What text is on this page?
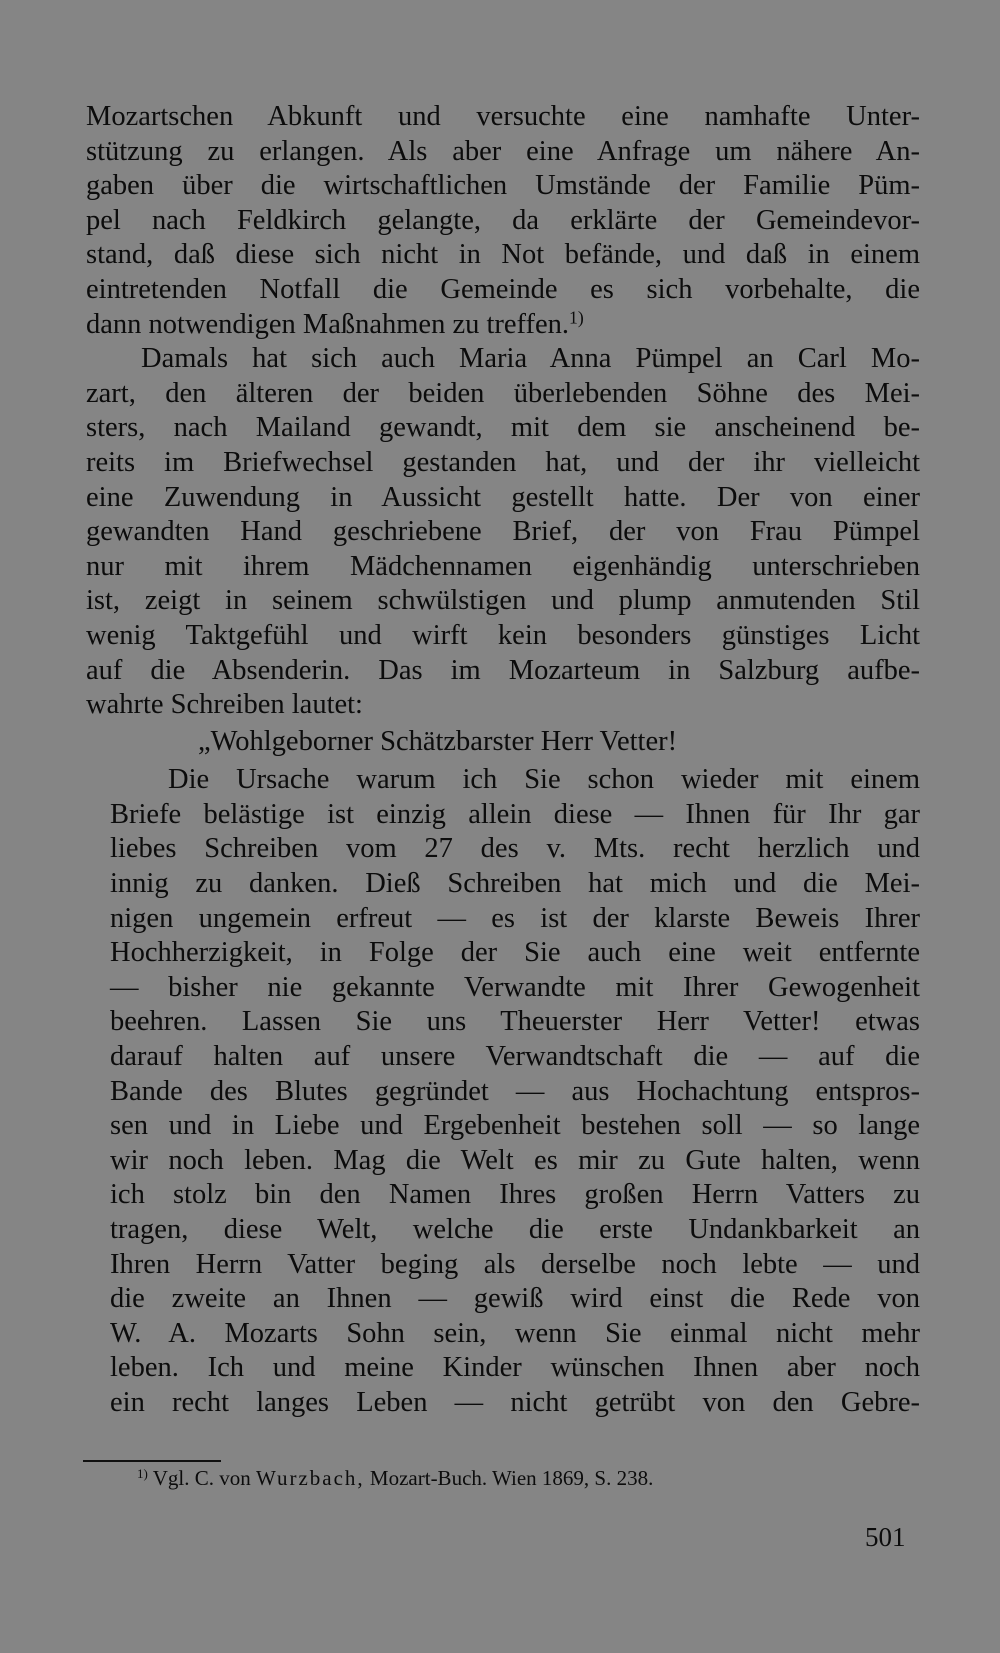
Mozartschen Abkunft und versuchte eine namhafte Unter-
stützung zu erlangen. Als aber eine Anfrage um nähere An-
gaben über die wirtschaftlichen Umstände der Familie Püm-
pel nach Feldkirch gelangte, da erklärte der Gemeindevor-
stand, daß diese sich nicht in Not befände, und daß in einem
eintretenden Notfall die Gemeinde es sich vorbehalte, die
dann notwendigen Maßnahmen zu treffen.$^{1)}$
Damals hat sich auch Maria Anna Pümpel an Carl Mo-
zart, den älteren der beiden überlebenden Söhne des Mei-
sters, nach Mailand gewandt, mit dem sie anscheinend be-
reits im Briefwechsel gestanden hat, und der ihr vielleicht
eine Zuwendung in Aussicht gestellt hatte. Der von einer
gewandten Hand geschriebene Brief, der von Frau Pümpel
nur mit ihrem Mädchennamen eigenhändig unterschrieben
ist, zeigt in seinem schwülstigen und plump anmutenden Stil
wenig Taktgefühl und wirft kein besonders günstiges Licht
auf die Absenderin. Das im Mozarteum in Salzburg aufbe-
wahrte Schreiben lautet:
„Wohlgeborner Schätzbarster Herr Vetter!
Die Ursache warum ich Sie schon wieder mit einem
Briefe belästige ist einzig allein diese — Ihnen für Ihr gar
liebes Schreiben vom 27 des v. Mts. recht herzlich und
innig zu danken. Dieß Schreiben hat mich und die Mei-
nigen ungemein erfreut — es ist der klarste Beweis Ihrer
Hochherzigkeit, in Folge der Sie auch eine weit entfernte
— bisher nie gekannte Verwandte mit Ihrer Gewogenheit
beehren. Lassen Sie uns Theuerster Herr Vetter! etwas
darauf halten auf unsere Verwandtschaft die — auf die
Bande des Blutes gegründet — aus Hochachtung entspros-
sen und in Liebe und Ergebenheit bestehen soll — so lange
wir noch leben. Mag die Welt es mir zu Gute halten, wenn
ich stolz bin den Namen Ihres großen Herrn Vatters zu
tragen, diese Welt, welche die erste Undankbarkeit an
Ihren Herrn Vatter beging als derselbe noch lebte — und
die zweite an Ihnen — gewiß wird einst die Rede von
W. A. Mozarts Sohn sein, wenn Sie einmal nicht mehr
leben. Ich und meine Kinder wünschen Ihnen aber noch
ein recht langes Leben — nicht getrübt von den Gebre-
$^{1)}$ Vgl. C. von Wurzbach, Mozart-Buch. Wien 1869, S. 238.
501
